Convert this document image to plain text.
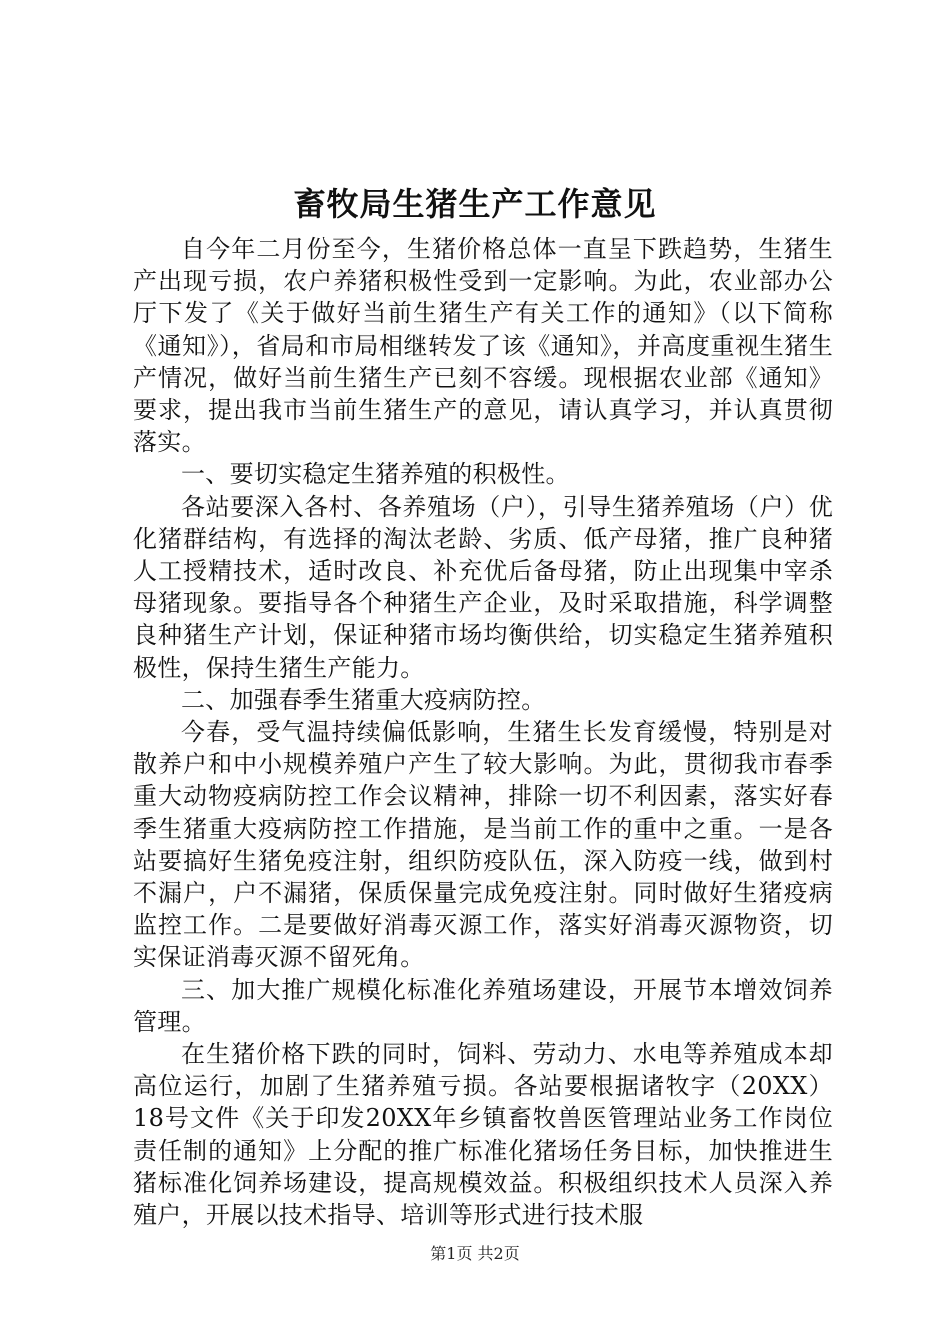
畜牧局生猪生产工作意见

自今年二月份至今，生猪价格总体一直呈下跌趋势，生猪生产出现亏损，农户养猪积极性受到一定影响。为此，农业部办公厅下发了《关于做好当前生猪生产有关工作的通知》（以下简称《通知》），省局和市局相继转发了该《通知》，并高度重视生猪生产情况，做好当前生猪生产已刻不容缓。现根据农业部《通知》要求，提出我市当前生猪生产的意见，请认真学习，并认真贯彻落实。

一、要切实稳定生猪养殖的积极性。

各站要深入各村、各养殖场（户），引导生猪养殖场（户）优化猪群结构，有选择的淘汰老龄、劣质、低产母猪，推广良种猪人工授精技术，适时改良、补充优后备母猪，防止出现集中宰杀母猪现象。要指导各个种猪生产企业，及时采取措施，科学调整良种猪生产计划，保证种猪市场均衡供给，切实稳定生猪养殖积极性，保持生猪生产能力。

二、加强春季生猪重大疫病防控。

今春，受气温持续偏低影响，生猪生长发育缓慢，特别是对散养户和中小规模养殖户产生了较大影响。为此，贯彻我市春季重大动物疫病防控工作会议精神，排除一切不利因素，落实好春季生猪重大疫病防控工作措施，是当前工作的重中之重。一是各站要搞好生猪免疫注射，组织防疫队伍，深入防疫一线，做到村不漏户，户不漏猪，保质保量完成免疫注射。同时做好生猪疫病监控工作。二是要做好消毒灭源工作，落实好消毒灭源物资，切实保证消毒灭源不留死角。

三、加大推广规模化标准化养殖场建设，开展节本增效饲养管理。

在生猪价格下跌的同时，饲料、劳动力、水电等养殖成本却高位运行，加剧了生猪养殖亏损。各站要根据诸牧字（20XX）18号文件《关于印发20XX年乡镇畜牧兽医管理站业务工作岗位责任制的通知》上分配的推广标准化猪场任务目标，加快推进生猪标准化饲养场建设，提高规模效益。积极组织技术人员深入养殖户，开展以技术指导、培训等形式进行技术服

第1页 共2页
